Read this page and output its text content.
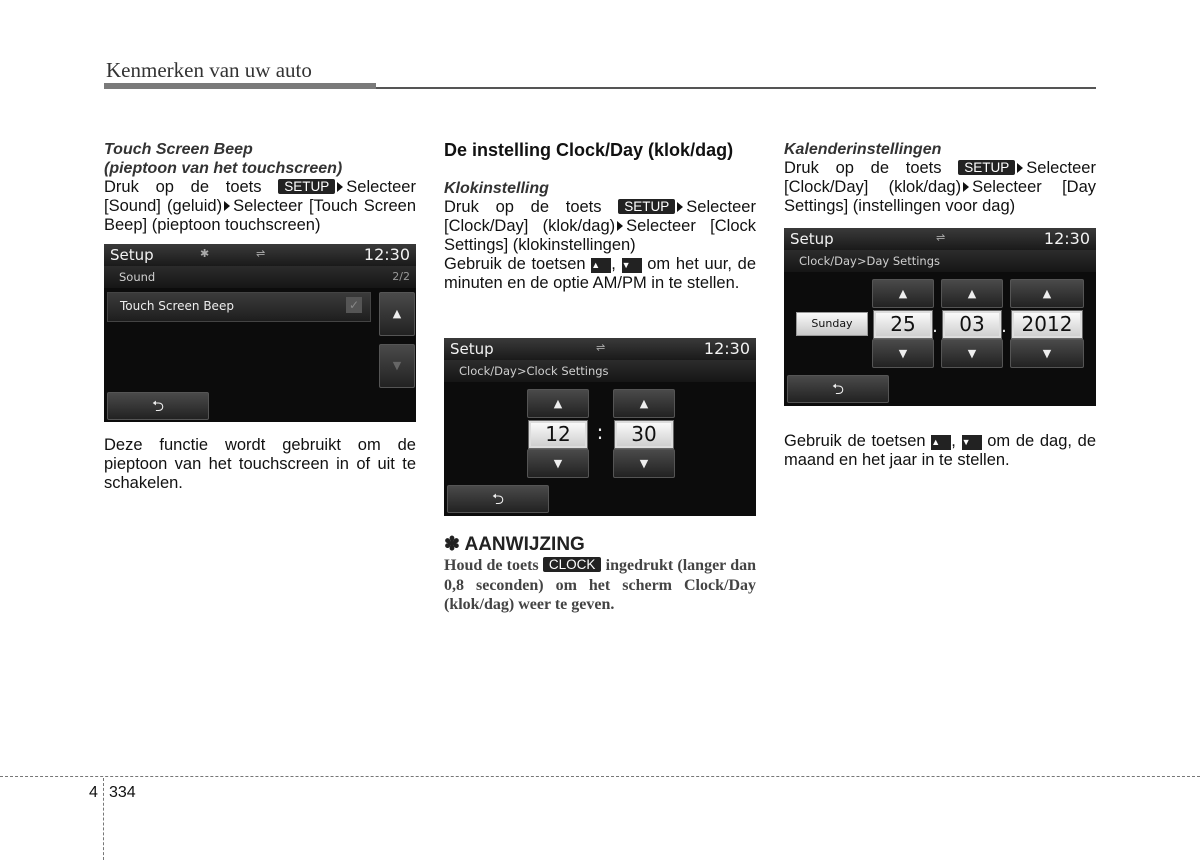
Kenmerken van uw auto
Touch Screen Beep
(pieptoon van het touchscreen)
Druk op de toets SETUP Selecteer [Sound] (geluid) Selecteer [Touch Screen Beep] (pieptoon touchscreen)
Setup	✱	⇌	12:30
Sound	2/2
Touch Screen Beep	✓
▲
▼
⮌
Deze functie wordt gebruikt om de pieptoon van het touchscreen in of uit te schakelen.
De instelling Clock/Day (klok/dag)
Klokinstelling
Druk op de toets SETUP Selecteer [Clock/Day] (klok/dag) Selecteer [Clock Settings] (klokinstellingen)
Gebruik de toetsen ▲ , ▼ om het uur, de minuten en de optie AM/PM in te stellen.
Setup	⇌	12:30
Clock/Day>Clock Settings
▲	▲
12	:	30
▼	▼
⮌
✽ AANWIJZING
Houd de toets CLOCK ingedrukt (langer dan 0,8 seconden) om het scherm Clock/Day (klok/dag) weer te geven.
Kalenderinstellingen
Druk op de toets SETUP Selecteer [Clock/Day] (klok/dag) Selecteer [Day Settings] (instellingen voor dag)
Setup	⇌	12:30
Clock/Day>Day Settings
▲	▲	▲
Sunday	25 .	03 . 2012
▼	▼	▼
⮌
Gebruik de toetsen ▲ , ▼ om de dag, de maand en het jaar in te stellen.
4 334
